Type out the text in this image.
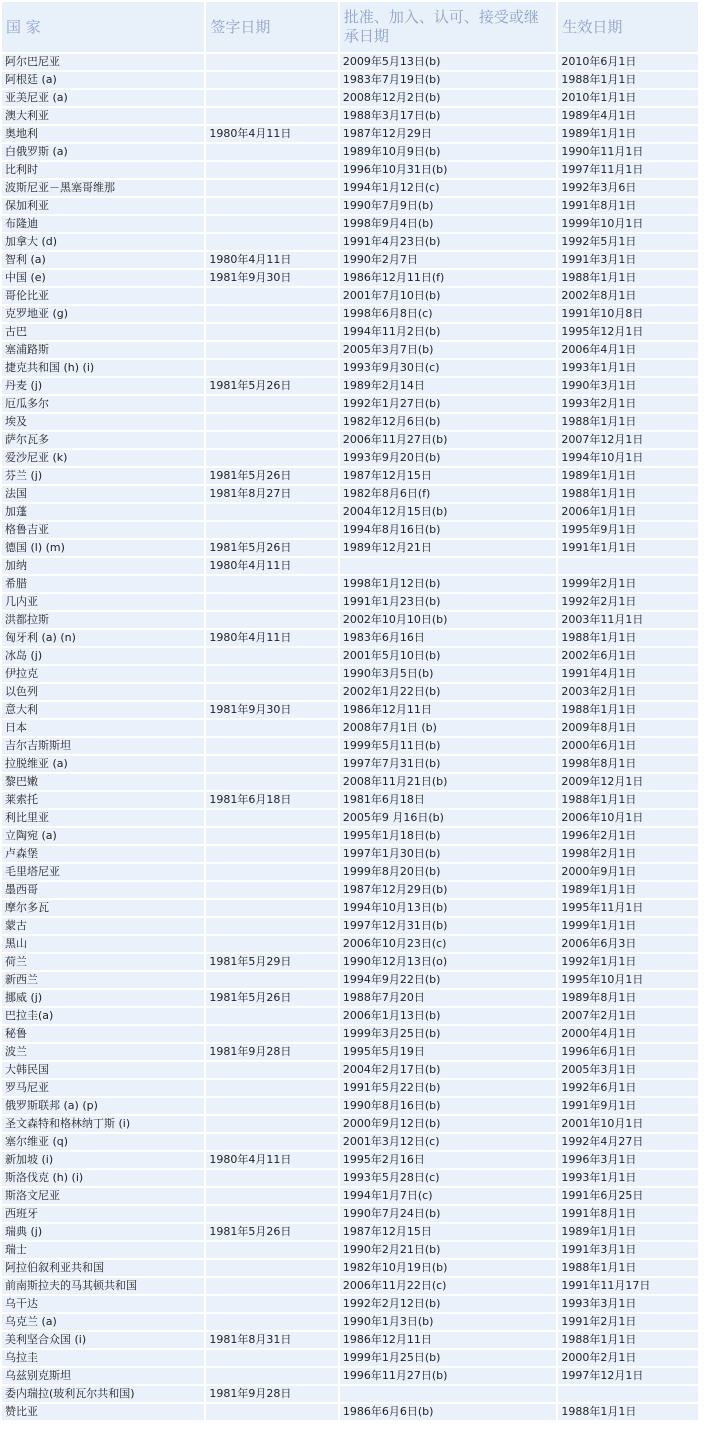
国 家	签字日期	批准、加入、认可、接受或继承日期	生效日期
阿尔巴尼亚		2009年5月13日(b)	2010年6月1日
阿根廷 (a)		1983年7月19日(b)	1988年1月1日
亚美尼亚 (a)		2008年12月2日(b)	2010年1月1日
澳大利亚		1988年3月17日(b)	1989年4月1日
奥地利	1980年4月11日	1987年12月29日	1989年1月1日
白俄罗斯 (a)		1989年10月9日(b)	1990年11月1日
比利时		1996年10月31日(b)	1997年11月1日
波斯尼亚－黑塞哥维那		1994年1月12日(c)	1992年3月6日
保加利亚		1990年7月9日(b)	1991年8月1日
布隆迪		1998年9月4日(b)	1999年10月1日
加拿大 (d)		1991年4月23日(b)	1992年5月1日
智利 (a)	1980年4月11日	1990年2月7日	1991年3月1日
中国 (e)	1981年9月30日	1986年12月11日(f)	1988年1月1日
哥伦比亚		2001年7月10日(b)	2002年8月1日
克罗地亚 (g)		1998年6月8日(c)	1991年10月8日
古巴		1994年11月2日(b)	1995年12月1日
塞浦路斯		2005年3月7日(b)	2006年4月1日
捷克共和国 (h) (i)		1993年9月30日(c)	1993年1月1日
丹麦 (j)	1981年5月26日	1989年2月14日	1990年3月1日
厄瓜多尔		1992年1月27日(b)	1993年2月1日
埃及		1982年12月6日(b)	1988年1月1日
萨尔瓦多		2006年11月27日(b)	2007年12月1日
爱沙尼亚 (k)		1993年9月20日(b)	1994年10月1日
芬兰 (j)	1981年5月26日	1987年12月15日	1989年1月1日
法国	1981年8月27日	1982年8月6日(f)	1988年1月1日
加蓬		2004年12月15日(b)	2006年1月1日
格鲁吉亚		1994年8月16日(b)	1995年9月1日
德国 (l) (m)	1981年5月26日	1989年12月21日	1991年1月1日
加纳	1980年4月11日		
希腊		1998年1月12日(b)	1999年2月1日
几内亚		1991年1月23日(b)	1992年2月1日
洪都拉斯		2002年10月10日(b)	2003年11月1日
匈牙利 (a) (n)	1980年4月11日	1983年6月16日	1988年1月1日
冰岛 (j)		2001年5月10日(b)	2002年6月1日
伊拉克		1990年3月5日(b)	1991年4月1日
以色列		2002年1月22日(b)	2003年2月1日
意大利	1981年9月30日	1986年12月11日	1988年1月1日
日本		2008年7月1日 (b)	2009年8月1日
吉尔吉斯斯坦		1999年5月11日(b)	2000年6月1日
拉脱维亚 (a)		1997年7月31日(b)	1998年8月1日
黎巴嫩		2008年11月21日(b)	2009年12月1日
莱索托	1981年6月18日	1981年6月18日	1988年1月1日
利比里亚		2005年9 月16日(b)	2006年10月1日
立陶宛 (a)		1995年1月18日(b)	1996年2月1日
卢森堡		1997年1月30日(b)	1998年2月1日
毛里塔尼亚		1999年8月20日(b)	2000年9月1日
墨西哥		1987年12月29日(b)	1989年1月1日
摩尔多瓦		1994年10月13日(b)	1995年11月1日
蒙古		1997年12月31日(b)	1999年1月1日
黑山		2006年10月23日(c)	2006年6月3日
荷兰	1981年5月29日	1990年12月13日(o)	1992年1月1日
新西兰		1994年9月22日(b)	1995年10月1日
挪威 (j)	1981年5月26日	1988年7月20日	1989年8月1日
巴拉圭(a)		2006年1月13日(b)	2007年2月1日
秘鲁		1999年3月25日(b)	2000年4月1日
波兰	1981年9月28日	1995年5月19日	1996年6月1日
大韩民国		2004年2月17日(b)	2005年3月1日
罗马尼亚		1991年5月22日(b)	1992年6月1日
俄罗斯联邦 (a) (p)		1990年8月16日(b)	1991年9月1日
圣文森特和格林纳丁斯 (i)		2000年9月12日(b)	2001年10月1日
塞尔维亚 (q)		2001年3月12日(c)	1992年4月27日
新加坡 (i)	1980年4月11日	1995年2月16日	1996年3月1日
斯洛伐克 (h) (i)		1993年5月28日(c)	1993年1月1日
斯洛文尼亚		1994年1月7日(c)	1991年6月25日
西班牙		1990年7月24日(b)	1991年8月1日
瑞典 (j)	1981年5月26日	1987年12月15日	1989年1月1日
瑞士		1990年2月21日(b)	1991年3月1日
阿拉伯叙利亚共和国		1982年10月19日(b)	1988年1月1日
前南斯拉夫的马其顿共和国		2006年11月22日(c)	1991年11月17日
乌干达		1992年2月12日(b)	1993年3月1日
乌克兰 (a)		1990年1月3日(b)	1991年2月1日
美利坚合众国 (i)	1981年8月31日	1986年12月11日	1988年1月1日
乌拉圭		1999年1月25日(b)	2000年2月1日
乌兹别克斯坦		1996年11月27日(b)	1997年12月1日
委内瑞拉(玻利瓦尔共和国)	1981年9月28日		
赞比亚		1986年6月6日(b)	1988年1月1日
